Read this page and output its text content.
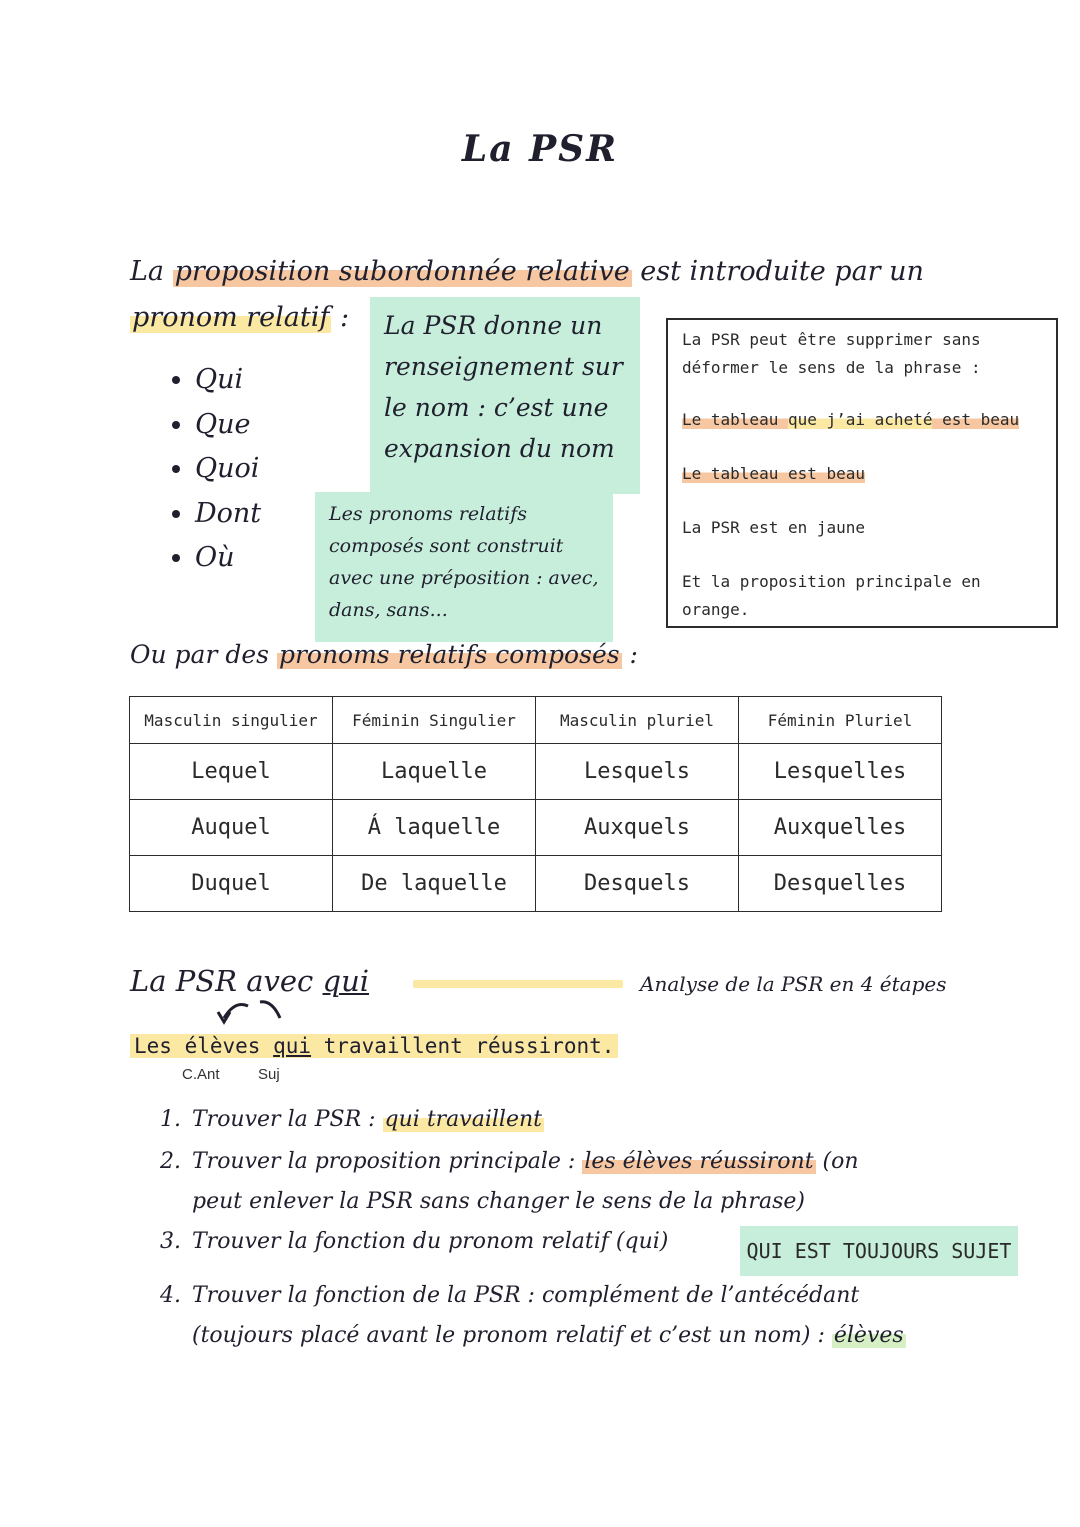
La PSR
La proposition subordonnée relative est introduite par un
pronom relatif :
• Qui
• Que
• Quoi
• Dont
• Où
La PSR donne un renseignement sur le nom : c’est une expansion du nom
Les pronoms relatifs composés sont construit avec une préposition : avec, dans, sans...

La PSR peut être supprimer sans déformer le sens de la phrase :

Le tableau que j’ai acheté est beau

Le tableau est beau

La PSR est en jaune

Et la proposition principale en orange.

Ou par des pronoms relatifs composés :
Masculin singulier	Féminin Singulier	Masculin pluriel	Féminin Pluriel
Lequel	Laquelle	Lesquels	Lesquelles
Auquel	Á laquelle	Auxquels	Auxquelles
Duquel	De laquelle	Desquels	Desquelles
La PSR avec qui	Analyse de la PSR en 4 étapes
Les élèves qui travaillent réussiront.
C.Ant	Suj
1. Trouver la PSR : qui travaillent
2. Trouver la proposition principale : les élèves réussiront (on
peut enlever la PSR sans changer le sens de la phrase)
3. Trouver la fonction du pronom relatif (qui)	QUI EST TOUJOURS SUJET
4. Trouver la fonction de la PSR : complément de l’antécédant
(toujours placé avant le pronom relatif et c’est un nom) : élèves
